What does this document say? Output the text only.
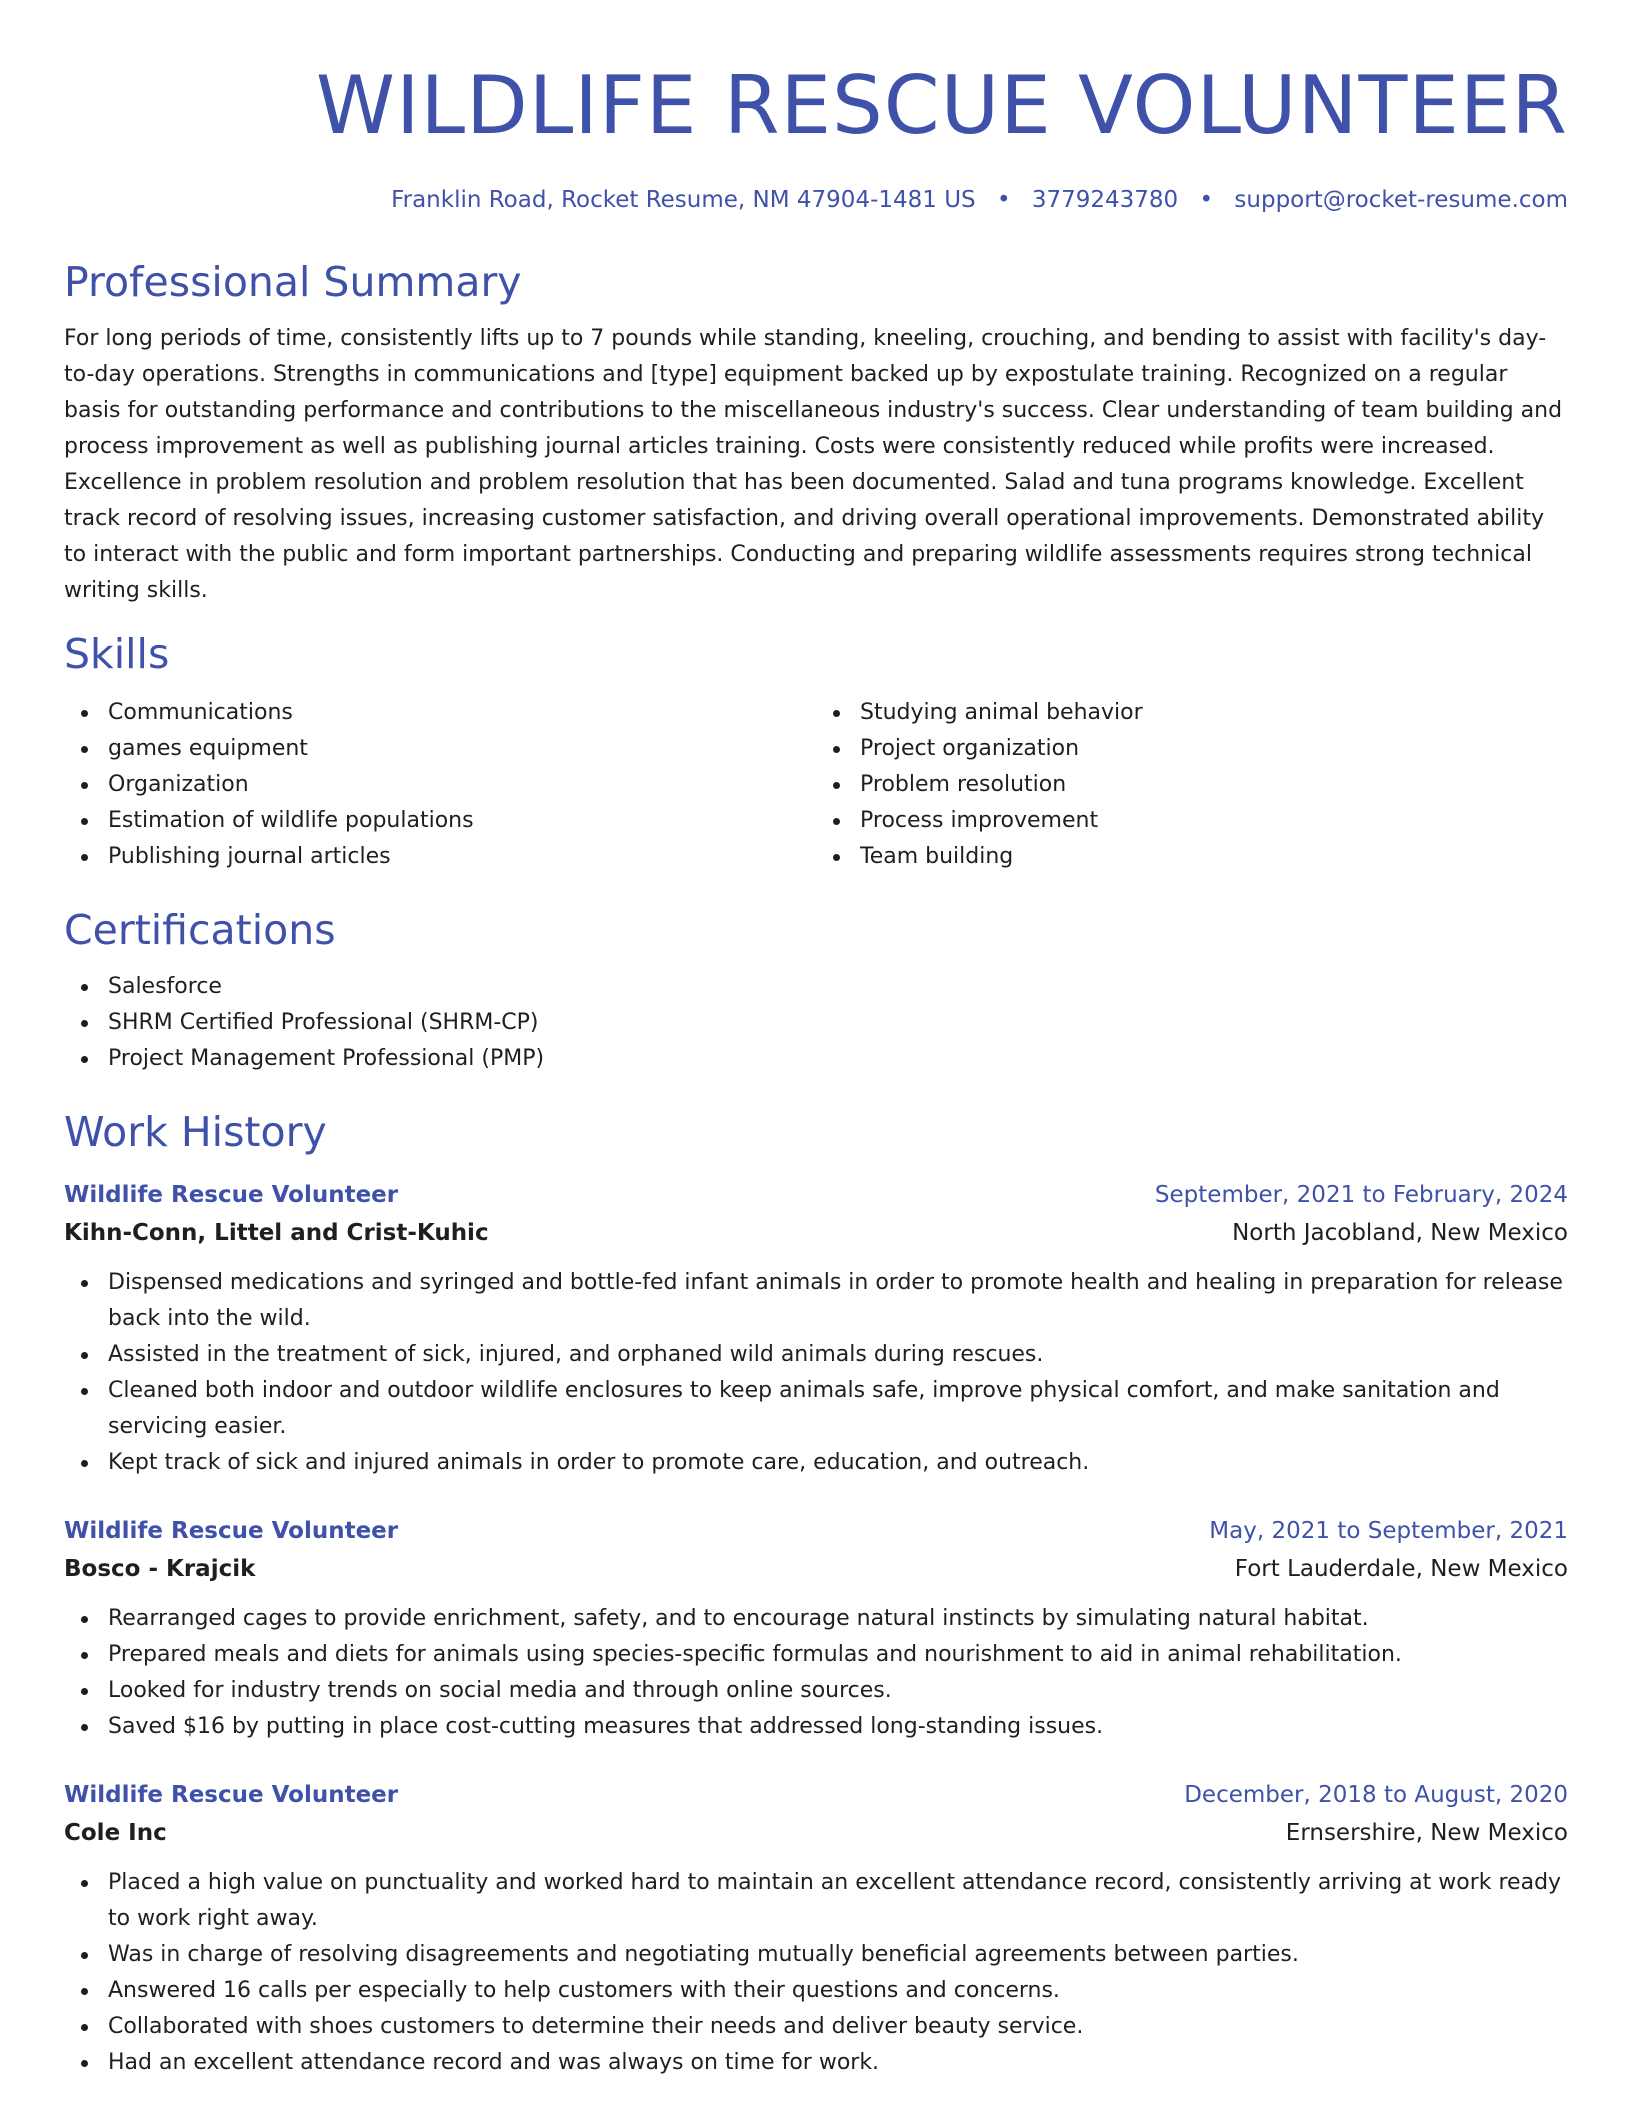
WILDLIFE RESCUE VOLUNTEER
Franklin Road, Rocket Resume, NM 47904-1481 US • 3779243780 • support@rocket-resume.com
Professional Summary

For long periods of time, consistently lifts up to 7 pounds while standing, kneeling, crouching, and bending to assist with facility's day-to-day operations. Strengths in communications and [type] equipment backed up by expostulate training. Recognized on a regular basis for outstanding performance and contributions to the miscellaneous industry's success. Clear understanding of team building and process improvement as well as publishing journal articles training. Costs were consistently reduced while profits were increased. Excellence in problem resolution and problem resolution that has been documented. Salad and tuna programs knowledge. Excellent track record of resolving issues, increasing customer satisfaction, and driving overall operational improvements. Demonstrated ability to interact with the public and form important partnerships. Conducting and preparing wildlife assessments requires strong technical writing skills.

Skills
Communications
games equipment
Organization
Estimation of wildlife populations
Publishing journal articles
Studying animal behavior
Project organization
Problem resolution
Process improvement
Team building
Certifications
Salesforce
SHRM Certified Professional (SHRM-CP)
Project Management Professional (PMP)
Work History
Wildlife Rescue Volunteer	September, 2021 to February, 2024
Kihn-Conn, Littel and Crist-Kuhic	North Jacobland, New Mexico
Dispensed medications and syringed and bottle-fed infant animals in order to promote health and healing in preparation for release back into the wild.
Assisted in the treatment of sick, injured, and orphaned wild animals during rescues.
Cleaned both indoor and outdoor wildlife enclosures to keep animals safe, improve physical comfort, and make sanitation and servicing easier.
Kept track of sick and injured animals in order to promote care, education, and outreach.
Wildlife Rescue Volunteer	May, 2021 to September, 2021
Bosco - Krajcik	Fort Lauderdale, New Mexico
Rearranged cages to provide enrichment, safety, and to encourage natural instincts by simulating natural habitat.
Prepared meals and diets for animals using species-specific formulas and nourishment to aid in animal rehabilitation.
Looked for industry trends on social media and through online sources.
Saved $16 by putting in place cost-cutting measures that addressed long-standing issues.
Wildlife Rescue Volunteer	December, 2018 to August, 2020
Cole Inc	Ernsershire, New Mexico
Placed a high value on punctuality and worked hard to maintain an excellent attendance record, consistently arriving at work ready to work right away.
Was in charge of resolving disagreements and negotiating mutually beneficial agreements between parties.
Answered 16 calls per especially to help customers with their questions and concerns.
Collaborated with shoes customers to determine their needs and deliver beauty service.
Had an excellent attendance record and was always on time for work.
